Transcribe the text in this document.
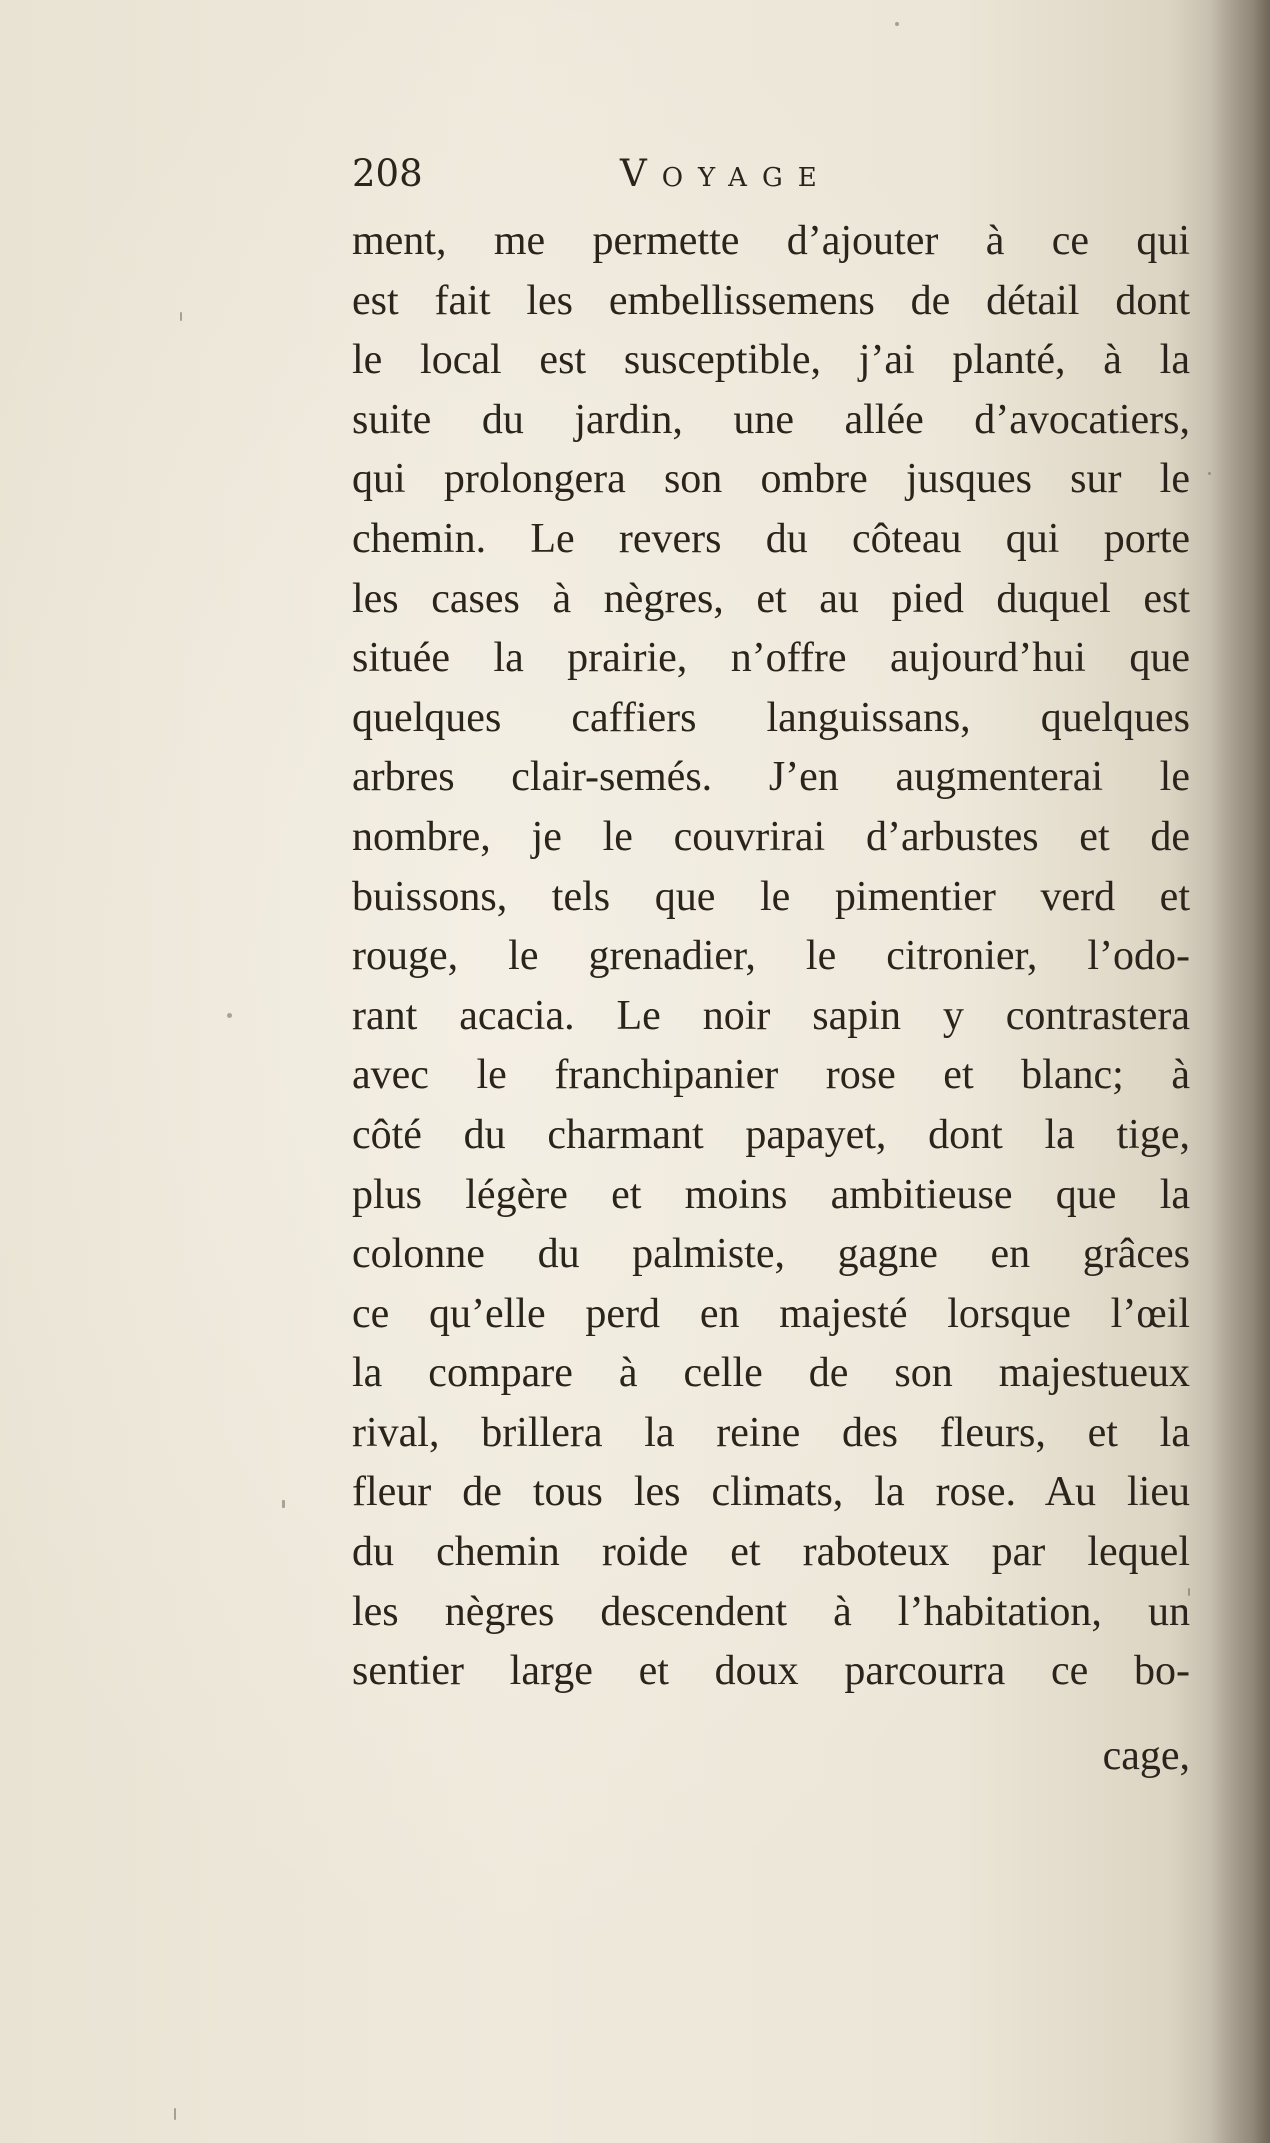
208	Voyage
ment, me permette d’ajouter à ce qui
est fait les embellissemens de détail dont
le local est susceptible, j’ai planté, à la
suite du jardin, une allée d’avocatiers,
qui prolongera son ombre jusques sur le
chemin. Le revers du côteau qui porte
les cases à nègres, et au pied duquel est
située la prairie, n’offre aujourd’hui que
quelques caffiers languissans, quelques
arbres clair-semés. J’en augmenterai le
nombre, je le couvrirai d’arbustes et de
buissons, tels que le pimentier verd et
rouge, le grenadier, le citronier, l’odo-
rant acacia. Le noir sapin y contrastera
avec le franchipanier rose et blanc; à
côté du charmant papayet, dont la tige,
plus légère et moins ambitieuse que la
colonne du palmiste, gagne en grâces
ce qu’elle perd en majesté lorsque l’œil
la compare à celle de son majestueux
rival, brillera la reine des fleurs, et la
fleur de tous les climats, la rose. Au lieu
du chemin roide et raboteux par lequel
les nègres descendent à l’habitation, un
sentier large et doux parcourra ce bo-
cage,
